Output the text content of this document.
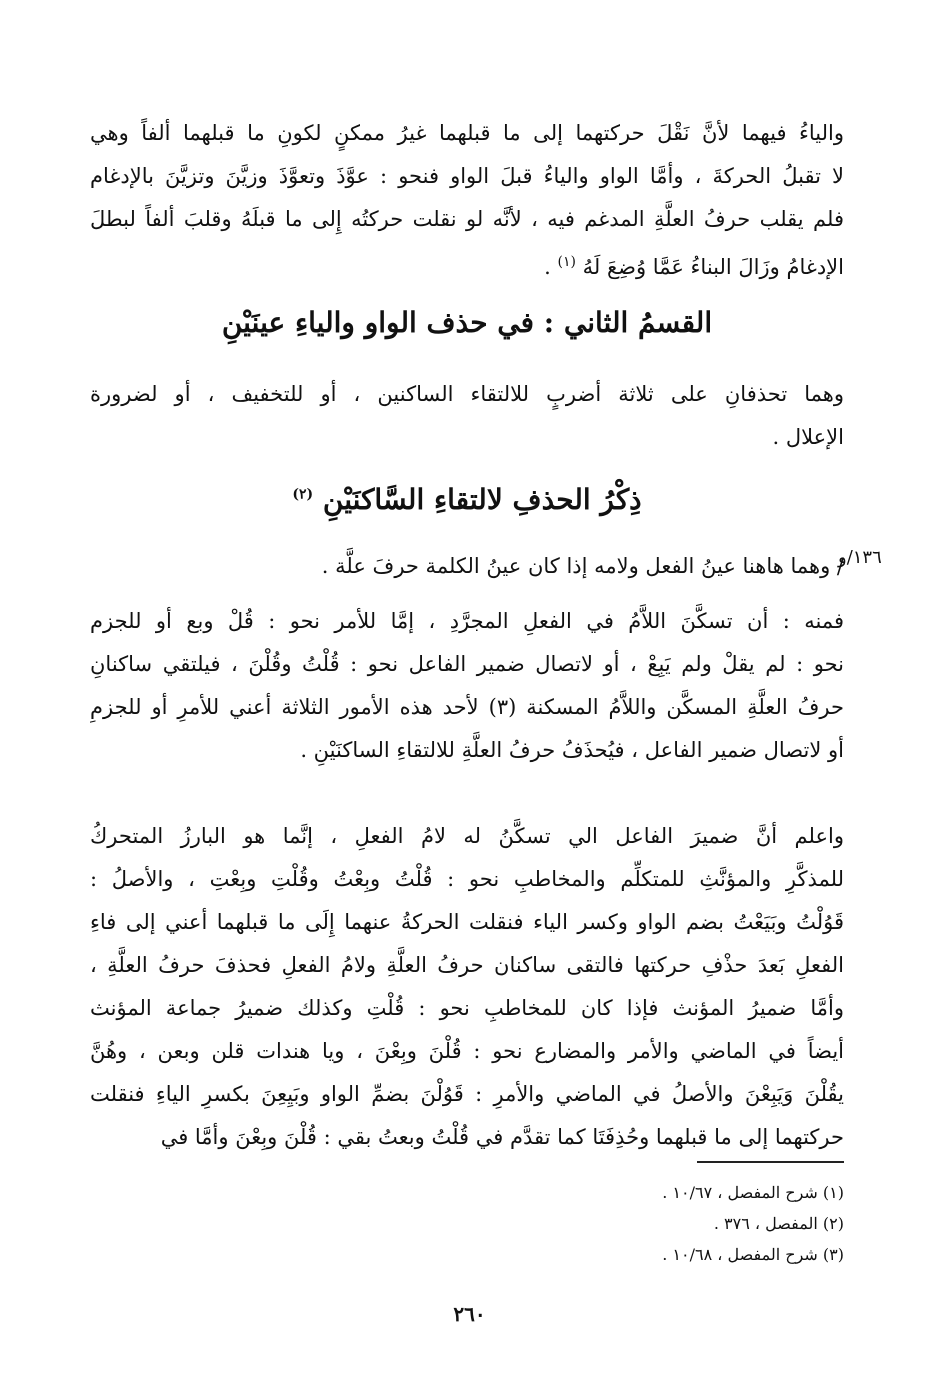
والياءُ فيهما لأنَّ نَقْلَ حركتهما إلى ما قبلهما غيرُ ممكنٍ لكونِ ما قبلهما ألفاً وهي
لا تقبلُ الحركةَ ، وأمَّا الواو والياءُ قبلَ الواو فنحو : عوَّذَ وتعوَّذَ وزيَّنَ وتزيَّنَ بالإدغام
فلم يقلب حرفُ العلَّةِ المدغم فيه ، لأنَّه لو نقلت حركتُه إِلى ما قبلَهُ وقلبَ ألفاً لبطلَ
الإدغامُ وزَالَ البناءُ عَمَّا وُضِعَ لَهُ $^{(١)}$ .
القسمُ الثاني : في حذف الواو والياءِ عينَيْنِ
وهما تحذفانِ على ثلاثة أضربٍ للالتقاء الساكنين ، أو للتخفيف ، أو لضرورة
الإعلال .
ذِكْرُ الحذفِ لالتقاءِ السَّاكنَيْنِ $^{(٢)}$
١٣٦/و
/ وهما هاهنا عينُ الفعل ولامه إذا كان عينُ الكلمة حرفَ علَّة .
فمنه : أن تسكَّنَ اللاَّمُ في الفعلِ المجرَّدِ ، إمَّا للأمر نحو : قُلْ وبع أو للجزم
نحو : لم يقلْ ولم يَبِعْ ، أو لاتصال ضمير الفاعل نحو : قُلْتُ وقُلْنَ ، فيلتقي ساكنانِ
حرفُ العلَّةِ المسكَّن واللاَّمُ المسكنة (٣) لأحد هذه الأمور الثلاثة أعني للأمرِ أو للجزمِ
أو لاتصال ضمير الفاعل ، فيُحذَفُ حرفُ العلَّةِ للالتقاءِ الساكنَيْنِ .
واعلم أنَّ ضميرَ الفاعل الي تسكَّنُ له لامُ الفعلِ ، إنَّما هو البارزُ المتحركُ
للمذكَّرِ والمؤنَّثِ للمتكلِّم والمخاطبِ نحو : قُلْتُ وبِعْتُ وقُلْتِ وبِعْتِ ، والأصلُ :
قَوُلْتُ وبَيَعْتُ بضم الواو وكسر الياء فنقلت الحركةُ عنهما إِلَى ما قبلهما أعني إلى فاءِ
الفعلِ بَعدَ حذْفِ حركتها فالتقى ساكنان حرفُ العلَّةِ ولامُ الفعلِ فحذفَ حرفُ العلَّةِ ،
وأمَّا ضميرُ المؤنث فإذا كان للمخاطبِ نحو : قُلْتِ وكذلك ضميرُ جماعة المؤنث
أيضاً في الماضي والأمر والمضارع نحو : قُلْنَ وبِعْنَ ، ويا هندات قلن وبعن ، وهُنَّ
يقُلْنَ وَيَبِعْنَ والأصلُ في الماضي والأمرِ : قَوُلْنَ بضمِّ الواو وبَيِعِنَ بكسرِ الياءِ فنقلت
حركتهما إلى ما قبلهما وحُذِفَتَا كما تقدَّم في قُلْتُ وبعتُ بقي : قُلْنَ وبِعْنَ وأمَّا في
(١) شرح المفصل ، ١٠/٦٧ .
(٢) المفصل ، ٣٧٦ .
(٣) شرح المفصل ، ١٠/٦٨ .
٢٦٠
